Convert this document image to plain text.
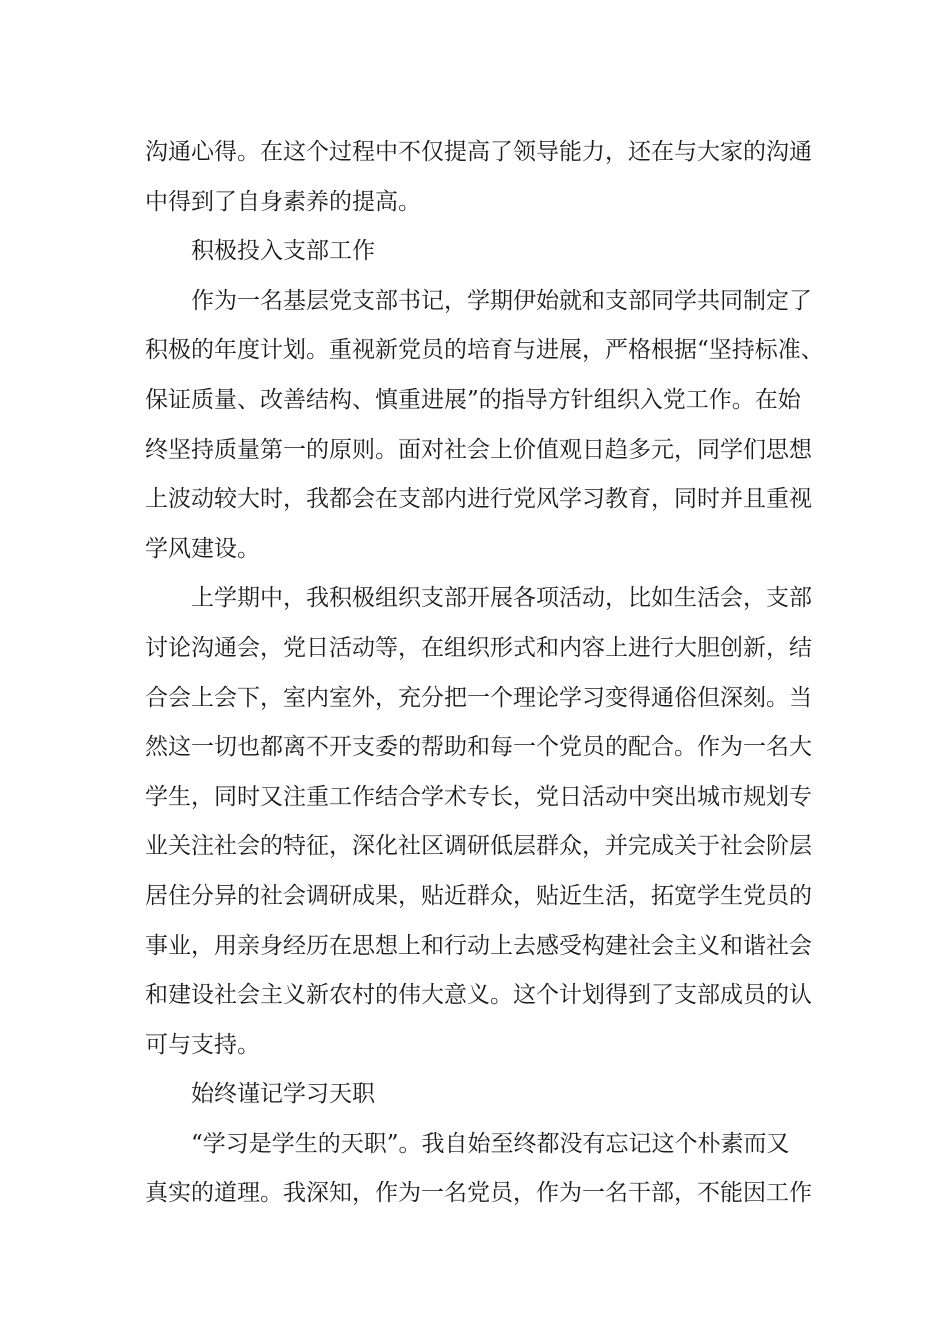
沟通心得。在这个过程中不仅提高了领导能力，还在与大家的沟通
中得到了自身素养的提高。
积极投入支部工作
作为一名基层党支部书记，学期伊始就和支部同学共同制定了
积极的年度计划。重视新党员的培育与进展，严格根据“坚持标准、
保证质量、改善结构、慎重进展”的指导方针组织入党工作。在始
终坚持质量第一的原则。面对社会上价值观日趋多元，同学们思想
上波动较大时，我都会在支部内进行党风学习教育，同时并且重视
学风建设。
上学期中，我积极组织支部开展各项活动，比如生活会，支部
讨论沟通会，党日活动等，在组织形式和内容上进行大胆创新，结
合会上会下，室内室外，充分把一个理论学习变得通俗但深刻。当
然这一切也都离不开支委的帮助和每一个党员的配合。作为一名大
学生，同时又注重工作结合学术专长，党日活动中突出城市规划专
业关注社会的特征，深化社区调研低层群众，并完成关于社会阶层
居住分异的社会调研成果，贴近群众，贴近生活，拓宽学生党员的
事业，用亲身经历在思想上和行动上去感受构建社会主义和谐社会
和建设社会主义新农村的伟大意义。这个计划得到了支部成员的认
可与支持。
始终谨记学习天职
“学习是学生的天职”。我自始至终都没有忘记这个朴素而又
真实的道理。我深知，作为一名党员，作为一名干部，不能因工作
